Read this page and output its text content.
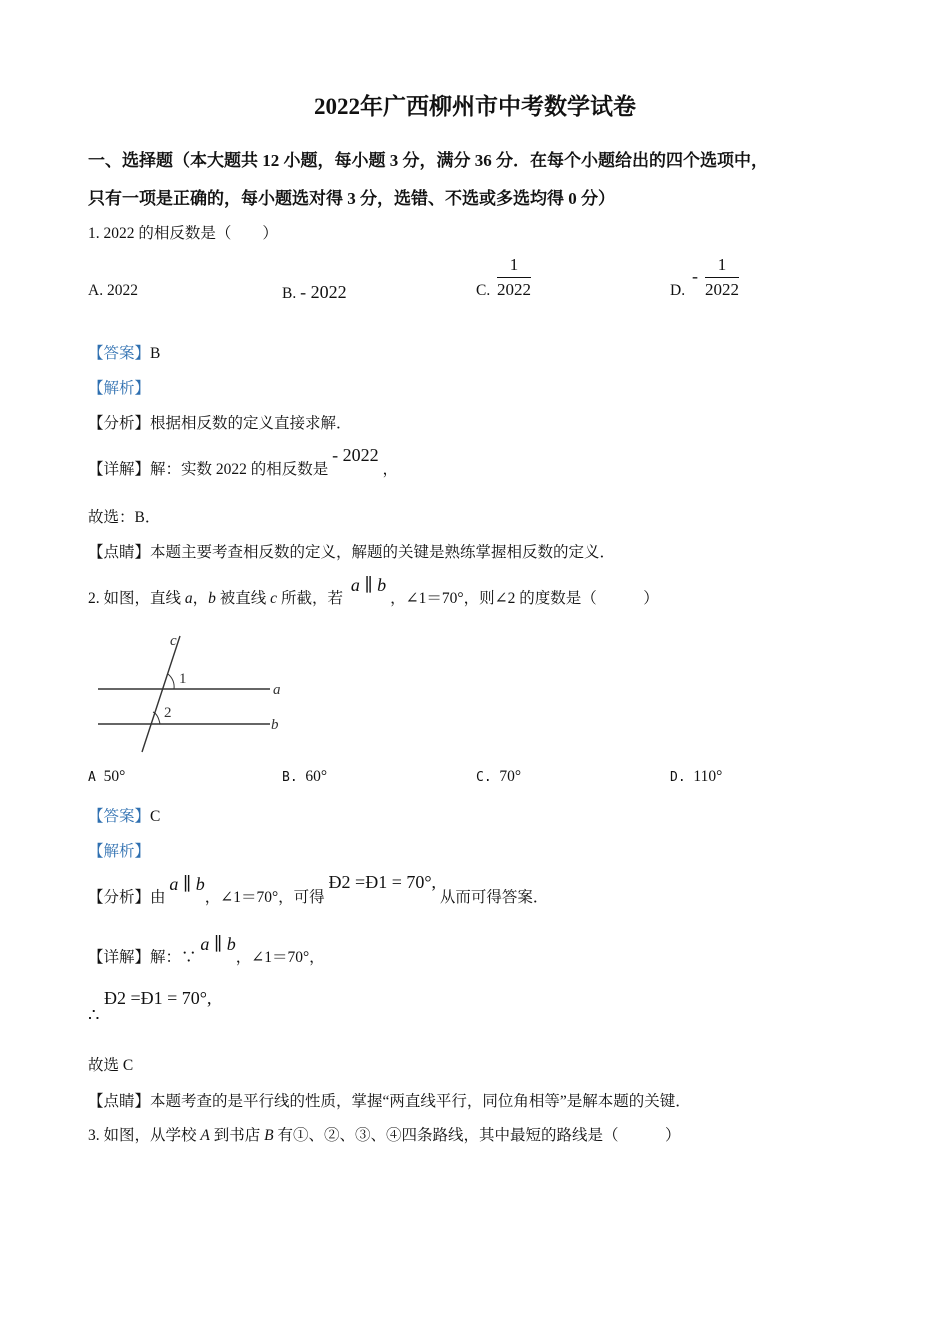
2022年广西柳州市中考数学试卷
一、选择题（本大题共 12 小题，每小题 3 分，满分 36 分．在每个小题给出的四个选项中，
只有一项是正确的，每小题选对得 3 分，选错、不选或多选均得 0 分）
1. 2022 的相反数是（　　）
A. 2022	B. - 2022	C. $\frac{1}{2022}$	D.
- $\frac{1}{2022}$
【答案】B
【解析】
【分析】根据相反数的定义直接求解．
【详解】解：实数 2022 的相反数是 - 2022 ，
故选：B．
【点睛】本题主要考查相反数的定义，解题的关键是熟练掌握相反数的定义．
2. 如图，直线 a，b 被直线 c 所截，若 a ∥ b，∠1＝70°，则∠2 的度数是（　　　）
c
1
a
2
b
A 50°	B. 60°	C. 70°	D. 110°
【答案】C
【解析】
【分析】由 a ∥ b，∠1＝70°，可得 Ð2 =Ð1 = 70°, 从而可得答案．
【详解】解：∵ a ∥ b，∠1＝70°，
Ð2 =Ð1 = 70°,
∴
故选 C
【点睛】本题考查的是平行线的性质，掌握“两直线平行，同位角相等”是解本题的关键．
3. 如图，从学校 A 到书店 B 有①、②、③、④四条路线，其中最短的路线是（　　　）
